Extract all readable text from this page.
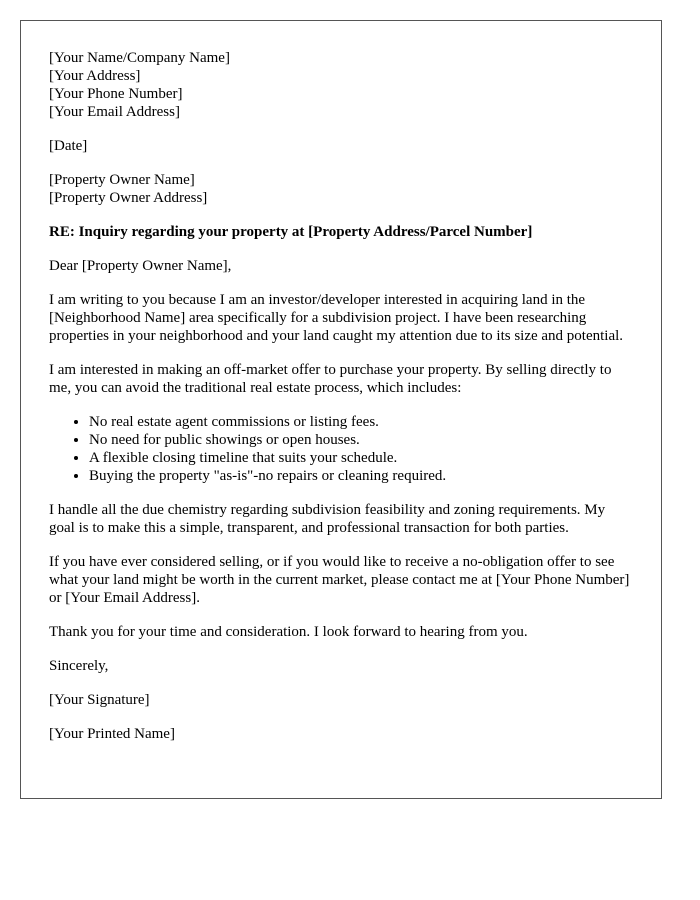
[Your Name/Company Name]
[Your Address]
[Your Phone Number]
[Your Email Address]

[Date]

[Property Owner Name]
[Property Owner Address]

RE: Inquiry regarding your property at [Property Address/Parcel Number]

Dear [Property Owner Name],

I am writing to you because I am an investor/developer interested in acquiring land in the [Neighborhood Name] area specifically for a subdivision project. I have been researching properties in your neighborhood and your land caught my attention due to its size and potential.

I am interested in making an off-market offer to purchase your property. By selling directly to me, you can avoid the traditional real estate process, which includes:

• No real estate agent commissions or listing fees.
• No need for public showings or open houses.
• A flexible closing timeline that suits your schedule.
• Buying the property "as-is"-no repairs or cleaning required.

I handle all the due chemistry regarding subdivision feasibility and zoning requirements. My goal is to make this a simple, transparent, and professional transaction for both parties.

If you have ever considered selling, or if you would like to receive a no-obligation offer to see what your land might be worth in the current market, please contact me at [Your Phone Number] or [Your Email Address].

Thank you for your time and consideration. I look forward to hearing from you.

Sincerely,

[Your Signature]

[Your Printed Name]
